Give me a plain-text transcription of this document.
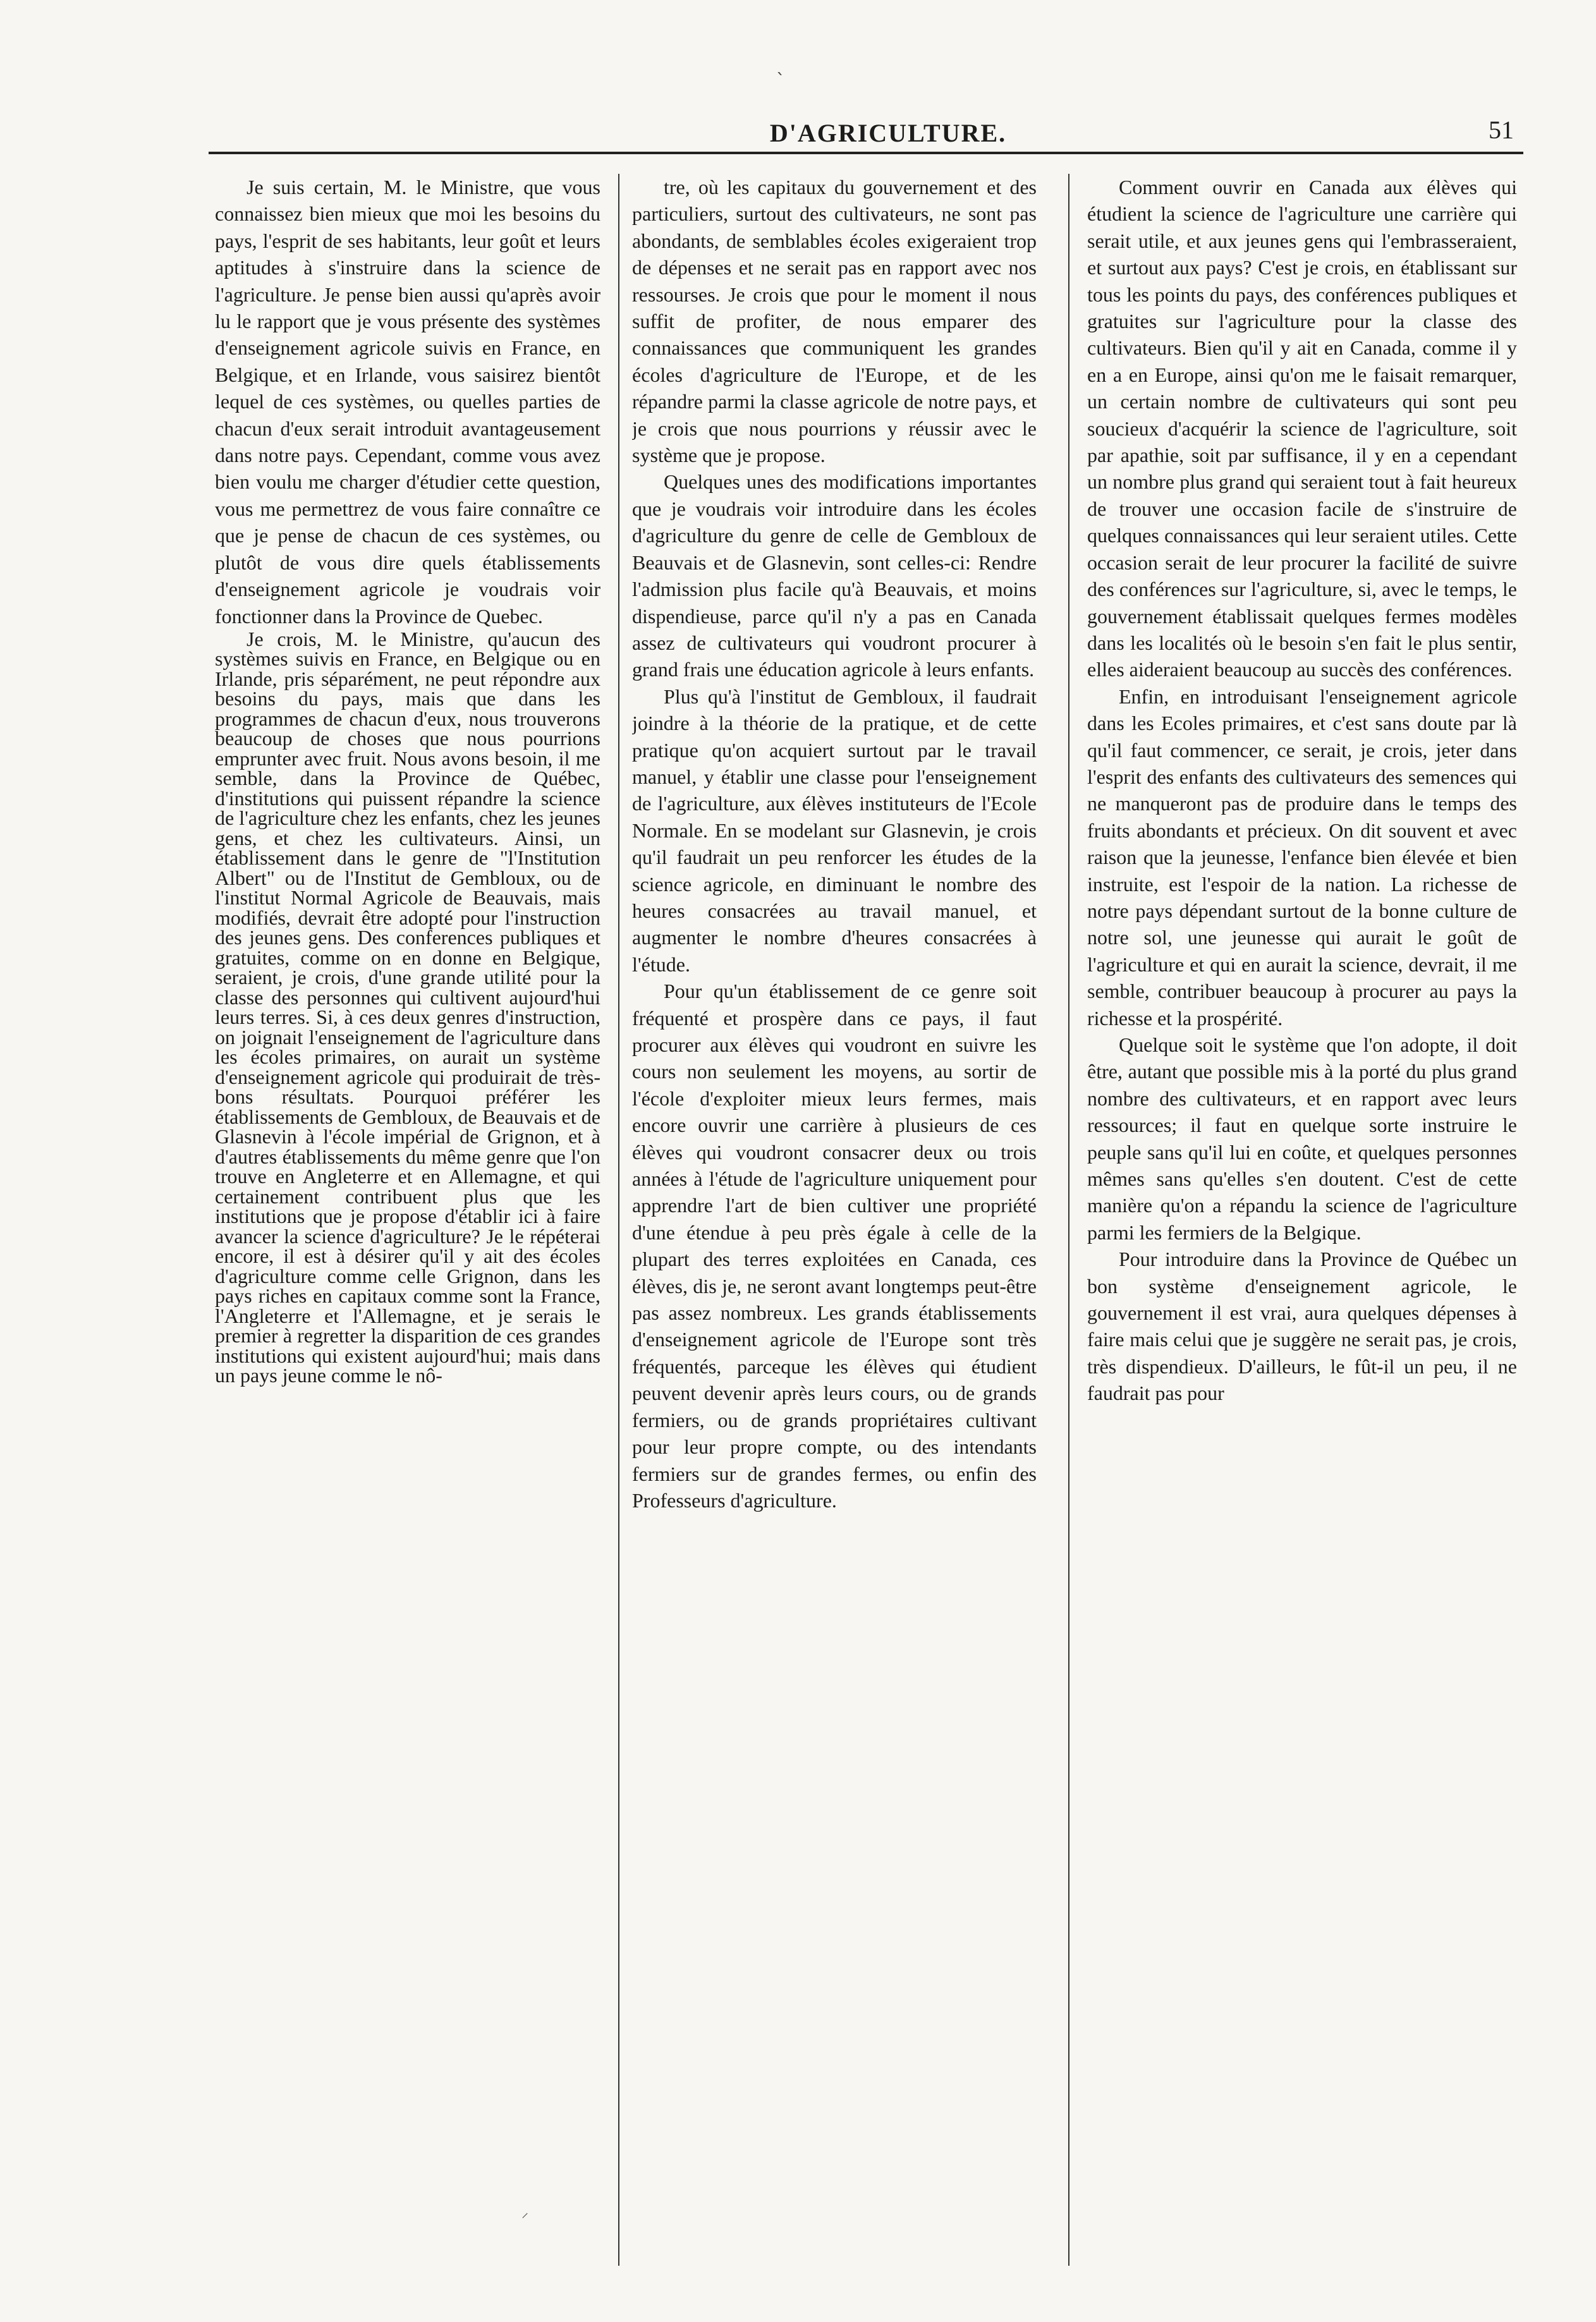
`
D'AGRICULTURE.	51

Je suis certain, M. le Ministre, que vous connaissez bien mieux que moi les besoins du pays, l'esprit de ses habitants, leur goût et leurs aptitudes à s'instruire dans la science de l'agriculture. Je pense bien aussi qu'après avoir lu le rapport que je vous présente des systèmes d'enseignement agricole suivis en France, en Belgique, et en Irlande, vous saisirez bientôt lequel de ces systèmes, ou quelles parties de chacun d'eux serait introduit avantageusement dans notre pays. Cependant, comme vous avez bien voulu me charger d'étudier cette question, vous me permettrez de vous faire connaître ce que je pense de chacun de ces systèmes, ou plutôt de vous dire quels établissements d'enseignement agricole je voudrais voir fonctionner dans la Province de Quebec.

Je crois, M. le Ministre, qu'aucun des systèmes suivis en France, en Belgique ou en Irlande, pris séparément, ne peut répondre aux besoins du pays, mais que dans les programmes de chacun d'eux, nous trouverons beaucoup de choses que nous pourrions emprunter avec fruit. Nous avons besoin, il me semble, dans la Province de Québec, d'institutions qui puissent répandre la science de l'agriculture chez les enfants, chez les jeunes gens, et chez les cultivateurs. Ainsi, un établissement dans le genre de "l'Institution Albert" ou de l'Institut de Gembloux, ou de l'institut Normal Agricole de Beauvais, mais modifiés, devrait être adopté pour l'instruction des jeunes gens. Des conferences publiques et gratuites, comme on en donne en Belgique, seraient, je crois, d'une grande utilité pour la classe des personnes qui cultivent aujourd'hui leurs terres. Si, à ces deux genres d'instruction, on joignait l'enseignement de l'agriculture dans les écoles primaires, on aurait un système d'enseignement agricole qui produirait de très-bons résultats. Pourquoi préférer les établissements de Gembloux, de Beauvais et de Glasnevin à l'école impérial de Grignon, et à d'autres établissements du même genre que l'on trouve en Angleterre et en Allemagne, et qui certainement contribuent plus que les institutions que je propose d'établir ici à faire avancer la science d'agriculture? Je le répéterai encore, il est à désirer qu'il y ait des écoles d'agriculture comme celle Grignon, dans les pays riches en capitaux comme sont la France, l'Angleterre et l'Allemagne, et je serais le premier à regretter la disparition de ces grandes institutions qui existent aujourd'hui; mais dans un pays jeune comme le nô-

tre, où les capitaux du gouvernement et des particuliers, surtout des cultivateurs, ne sont pas abondants, de semblables écoles exigeraient trop de dépenses et ne serait pas en rapport avec nos ressourses. Je crois que pour le moment il nous suffit de profiter, de nous emparer des connaissances que communiquent les grandes écoles d'agriculture de l'Europe, et de les répandre parmi la classe agricole de notre pays, et je crois que nous pourrions y réussir avec le système que je propose.

Quelques unes des modifications importantes que je voudrais voir introduire dans les écoles d'agriculture du genre de celle de Gembloux de Beauvais et de Glasnevin, sont celles-ci: Rendre l'admission plus facile qu'à Beauvais, et moins dispendieuse, parce qu'il n'y a pas en Canada assez de cultivateurs qui voudront procurer à grand frais une éducation agricole à leurs enfants.

Plus qu'à l'institut de Gembloux, il faudrait joindre à la théorie de la pratique, et de cette pratique qu'on acquiert surtout par le travail manuel, y établir une classe pour l'enseignement de l'agriculture, aux élèves instituteurs de l'Ecole Normale. En se modelant sur Glasnevin, je crois qu'il faudrait un peu renforcer les études de la science agricole, en diminuant le nombre des heures consacrées au travail manuel, et augmenter le nombre d'heures consacrées à l'étude.

Pour qu'un établissement de ce genre soit fréquenté et prospère dans ce pays, il faut procurer aux élèves qui voudront en suivre les cours non seulement les moyens, au sortir de l'école d'exploiter mieux leurs fermes, mais encore ouvrir une carrière à plusieurs de ces élèves qui voudront consacrer deux ou trois années à l'étude de l'agriculture uniquement pour apprendre l'art de bien cultiver une propriété d'une étendue à peu près égale à celle de la plupart des terres exploitées en Canada, ces élèves, dis je, ne seront avant longtemps peut-être pas assez nombreux. Les grands établissements d'enseignement agricole de l'Europe sont très fréquentés, parceque les élèves qui étudient peuvent devenir après leurs cours, ou de grands fermiers, ou de grands propriétaires cultivant pour leur propre compte, ou des intendants fermiers sur de grandes fermes, ou enfin des Professeurs d'agriculture.

Comment ouvrir en Canada aux élèves qui étudient la science de l'agriculture une carrière qui serait utile, et aux jeunes gens qui l'embrasseraient, et surtout aux pays? C'est je crois, en établissant sur tous les points du pays, des conférences publiques et gratuites sur l'agriculture pour la classe des cultivateurs. Bien qu'il y ait en Canada, comme il y en a en Europe, ainsi qu'on me le faisait remarquer, un certain nombre de cultivateurs qui sont peu soucieux d'acquérir la science de l'agriculture, soit par apathie, soit par suffisance, il y en a cependant un nombre plus grand qui seraient tout à fait heureux de trouver une occasion facile de s'instruire de quelques connaissances qui leur seraient utiles. Cette occasion serait de leur procurer la facilité de suivre des conférences sur l'agriculture, si, avec le temps, le gouvernement établissait quelques fermes modèles dans les localités où le besoin s'en fait le plus sentir, elles aideraient beaucoup au succès des conférences.

Enfin, en introduisant l'enseignement agricole dans les Ecoles primaires, et c'est sans doute par là qu'il faut commencer, ce serait, je crois, jeter dans l'esprit des enfants des cultivateurs des semences qui ne manqueront pas de produire dans le temps des fruits abondants et précieux. On dit souvent et avec raison que la jeunesse, l'enfance bien élevée et bien instruite, est l'espoir de la nation. La richesse de notre pays dépendant surtout de la bonne culture de notre sol, une jeunesse qui aurait le goût de l'agriculture et qui en aurait la science, devrait, il me semble, contribuer beaucoup à procurer au pays la richesse et la prospérité.

Quelque soit le système que l'on adopte, il doit être, autant que possible mis à la porté du plus grand nombre des cultivateurs, et en rapport avec leurs ressources; il faut en quelque sorte instruire le peuple sans qu'il lui en coûte, et quelques personnes mêmes sans qu'elles s'en doutent. C'est de cette manière qu'on a répandu la science de l'agriculture parmi les fermiers de la Belgique.

Pour introduire dans la Province de Québec un bon système d'enseignement agricole, le gouvernement il est vrai, aura quelques dépenses à faire mais celui que je suggère ne serait pas, je crois, très dispendieux. D'ailleurs, le fût-il un peu, il ne faudrait pas pour

⸝
